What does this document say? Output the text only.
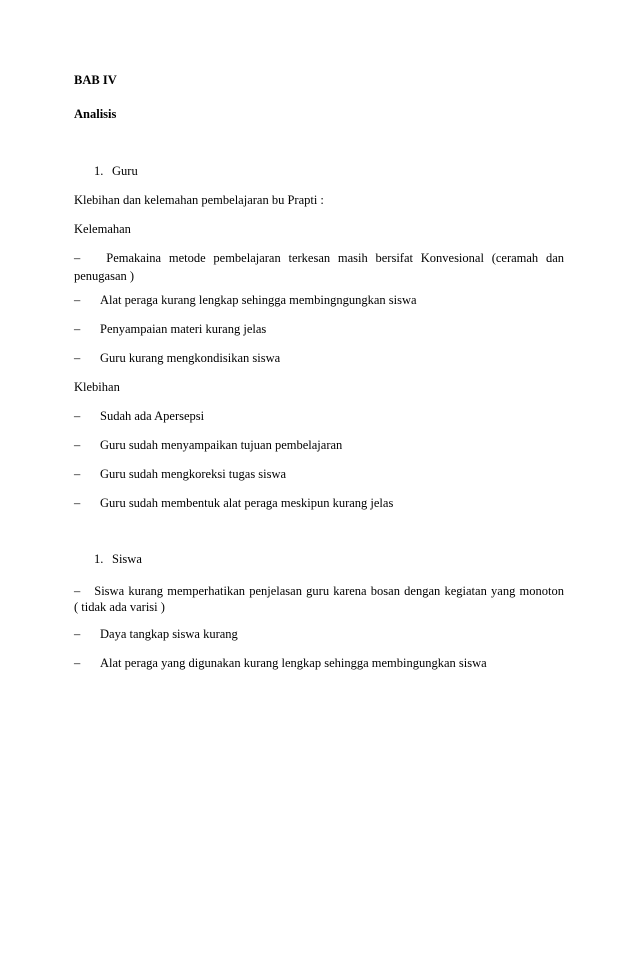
BAB IV
Analisis
1. Guru
Klebihan dan kelemahan pembelajaran bu Prapti :
Kelemahan
– Pemakaina metode pembelajaran terkesan masih bersifat Konvesional (ceramah dan
penugasan )
– Alat peraga kurang lengkap sehingga membingngungkan siswa
– Penyampaian materi kurang jelas
– Guru kurang mengkondisikan siswa
Klebihan
– Sudah ada Apersepsi
– Guru sudah menyampaikan tujuan pembelajaran
– Guru sudah mengkoreksi tugas siswa
– Guru sudah membentuk alat peraga meskipun kurang jelas
1. Siswa
– Siswa kurang memperhatikan penjelasan guru karena bosan dengan kegiatan yang monoton
( tidak ada varisi )
– Daya tangkap siswa kurang
– Alat peraga yang digunakan kurang lengkap sehingga membingungkan siswa
